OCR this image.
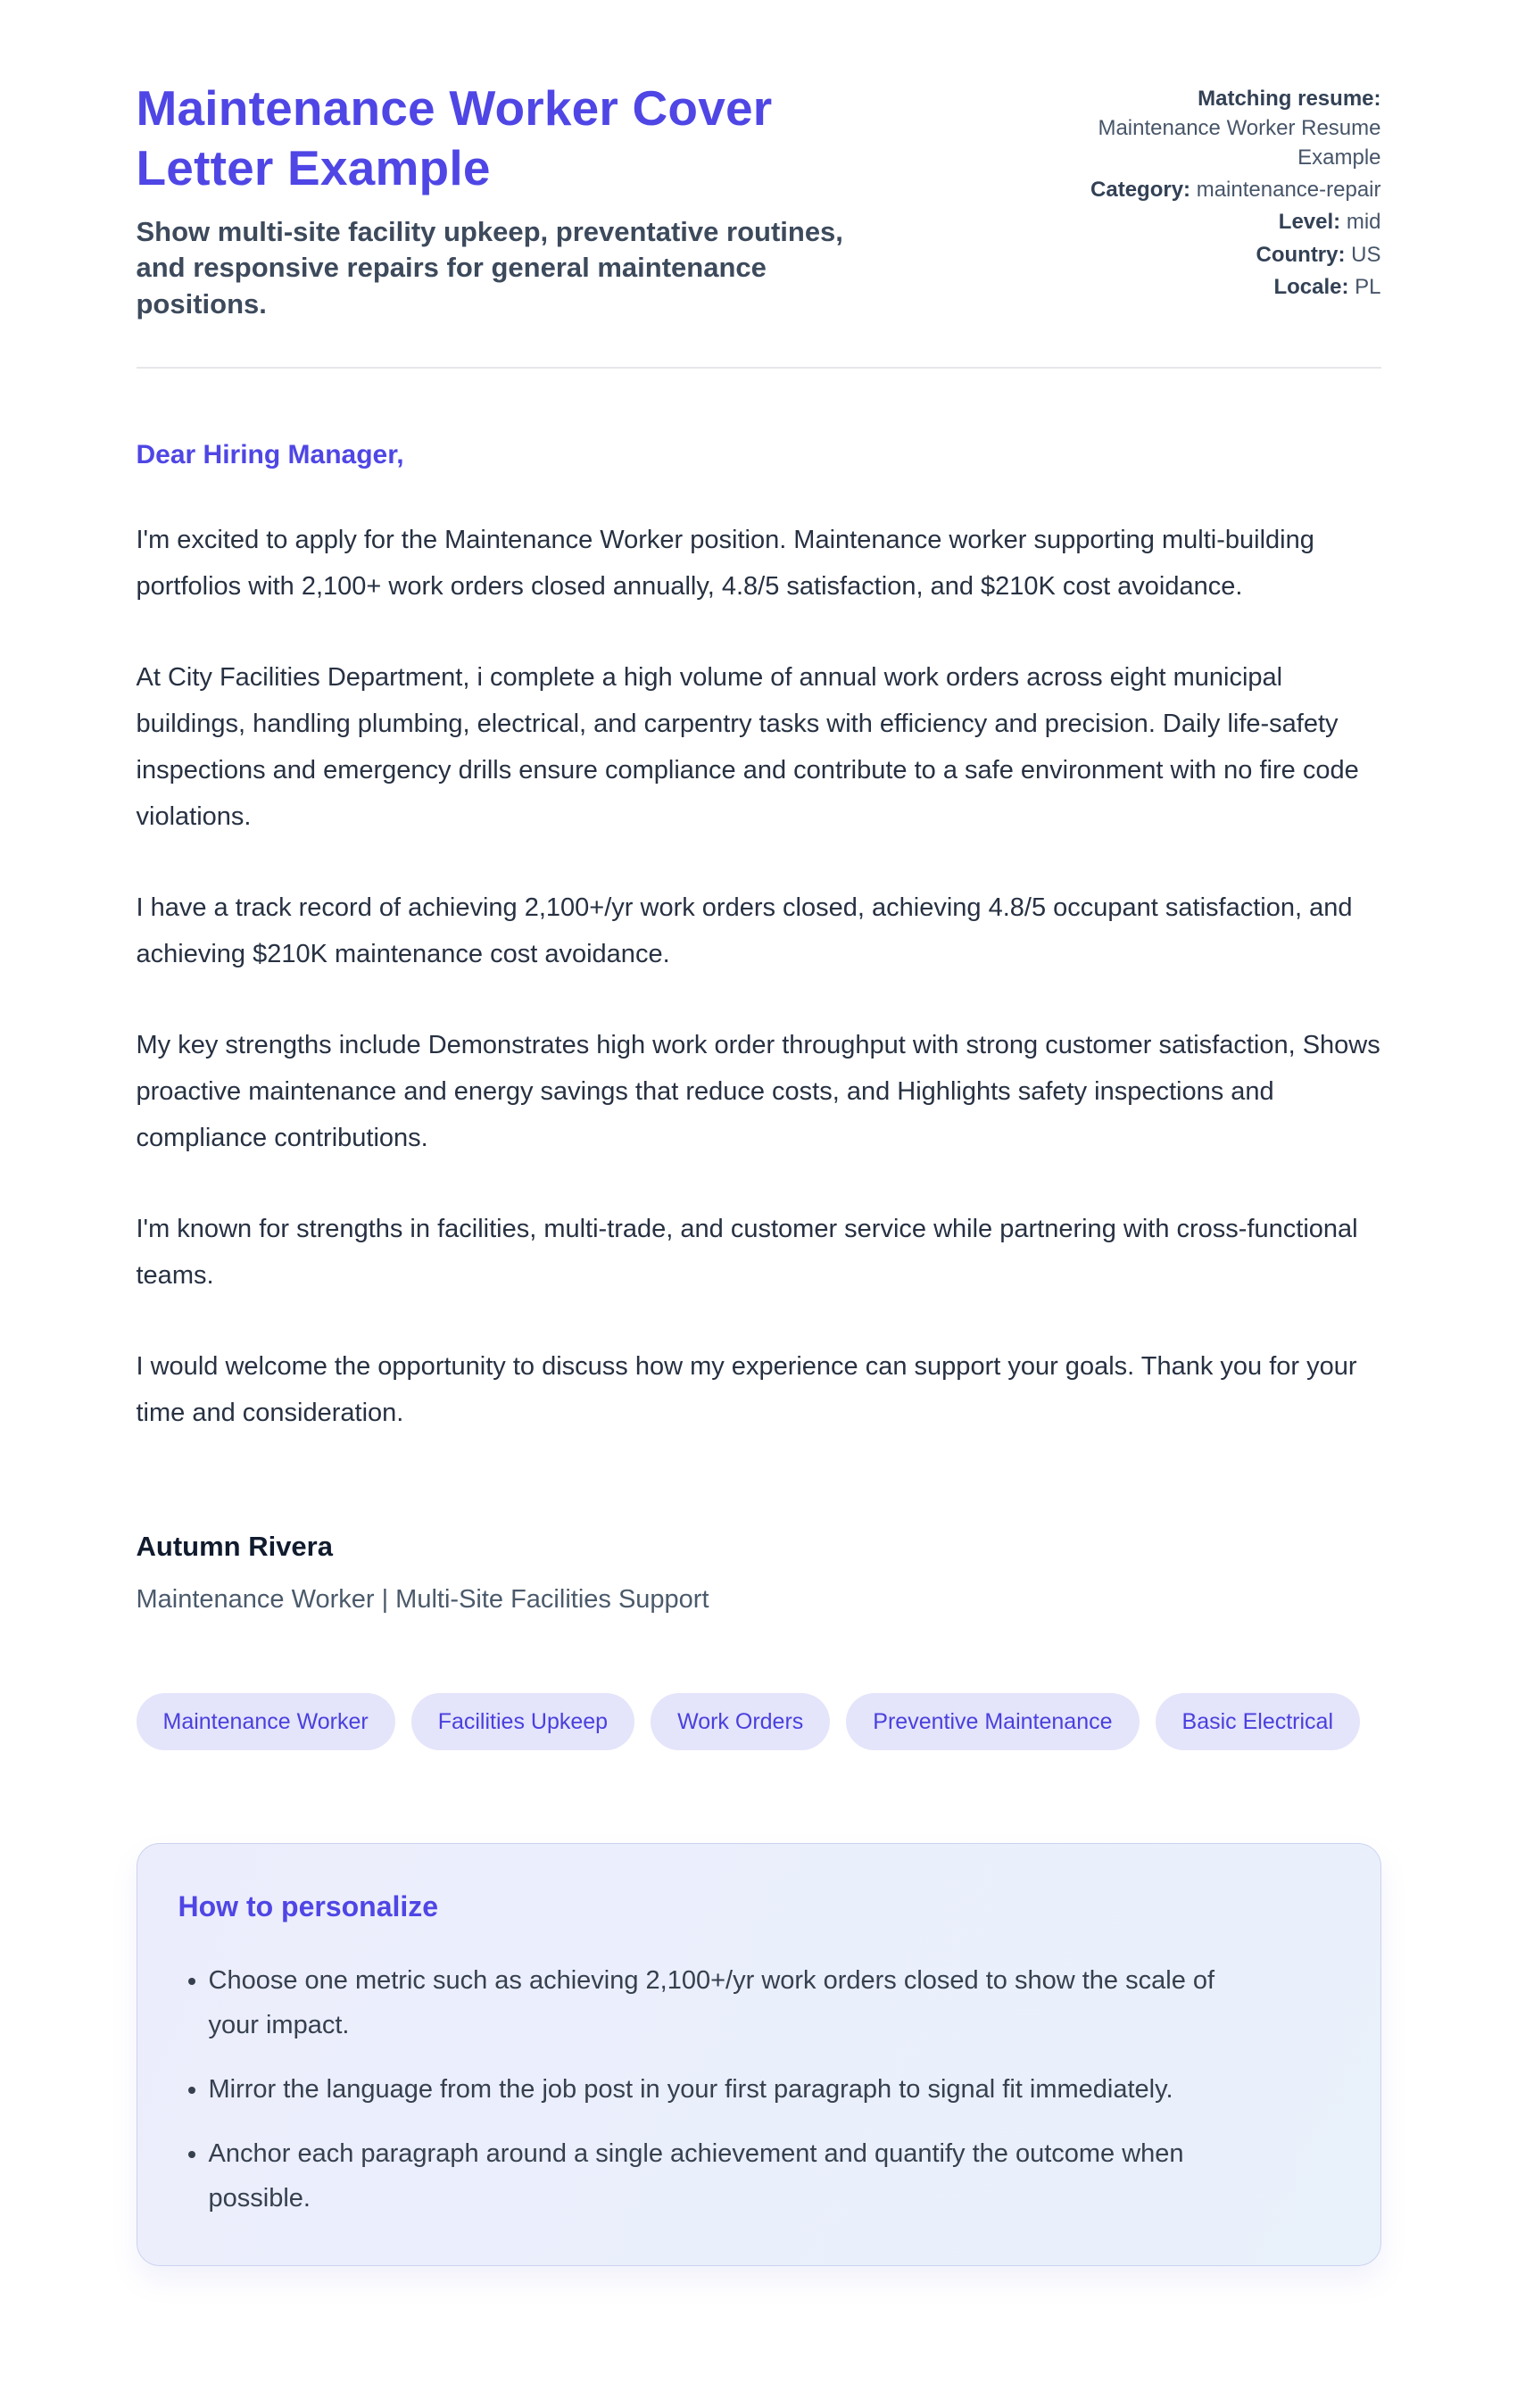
Maintenance Worker Cover Letter Example

Show multi-site facility upkeep, preventative routines, and responsive repairs for general maintenance positions.

Matching resume: Maintenance Worker Resume Example
Category: maintenance-repair
Level: mid
Country: US
Locale: PL

Dear Hiring Manager,

I'm excited to apply for the Maintenance Worker position. Maintenance worker supporting multi-building portfolios with 2,100+ work orders closed annually, 4.8/5 satisfaction, and $210K cost avoidance.

At City Facilities Department, i complete a high volume of annual work orders across eight municipal buildings, handling plumbing, electrical, and carpentry tasks with efficiency and precision. Daily life-safety inspections and emergency drills ensure compliance and contribute to a safe environment with no fire code violations.

I have a track record of achieving 2,100+/yr work orders closed, achieving 4.8/5 occupant satisfaction, and achieving $210K maintenance cost avoidance.

My key strengths include Demonstrates high work order throughput with strong customer satisfaction, Shows proactive maintenance and energy savings that reduce costs, and Highlights safety inspections and compliance contributions.

I'm known for strengths in facilities, multi-trade, and customer service while partnering with cross-functional teams.

I would welcome the opportunity to discuss how my experience can support your goals. Thank you for your time and consideration.

Autumn Rivera

Maintenance Worker | Multi-Site Facilities Support

Maintenance Worker	Facilities Upkeep	Work Orders	Preventive Maintenance	Basic Electrical
How to personalize
• Choose one metric such as achieving 2,100+/yr work orders closed to show the scale of your impact.
• Mirror the language from the job post in your first paragraph to signal fit immediately.
• Anchor each paragraph around a single achievement and quantify the outcome when possible.
